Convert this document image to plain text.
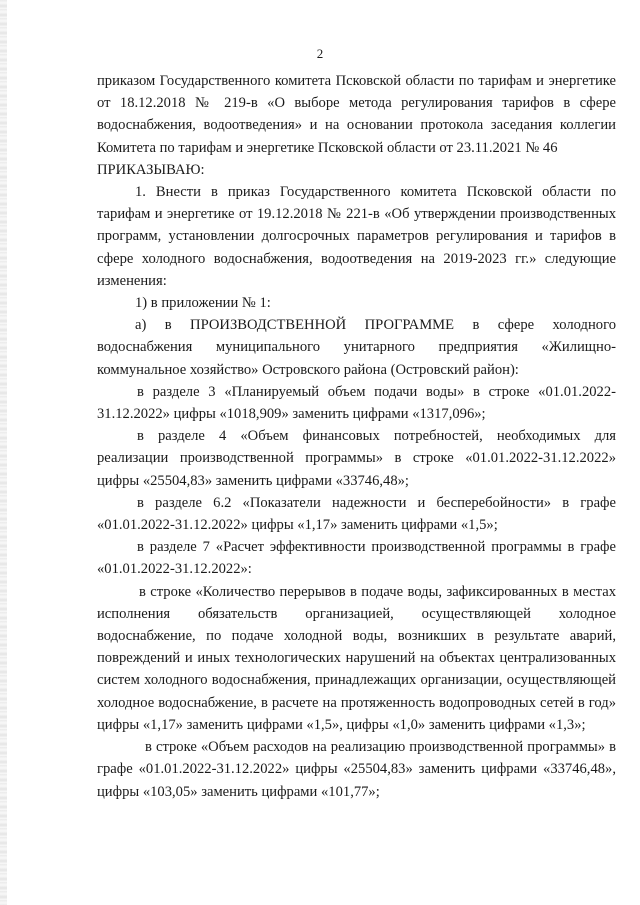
2

приказом Государственного комитета Псковской области по тарифам и энергетике от 18.12.2018 № 219-в «О выборе метода регулирования тарифов в сфере водоснабжения, водоотведения» и на основании протокола заседания коллегии Комитета по тарифам и энергетике Псковской области от 23.11.2021 № 46

ПРИКАЗЫВАЮ:

1. Внести в приказ Государственного комитета Псковской области по тарифам и энергетике от 19.12.2018 № 221-в «Об утверждении производственных программ, установлении долгосрочных параметров регулирования и тарифов в сфере холодного водоснабжения, водоотведения на 2019-2023 гг.» следующие изменения:

1) в приложении № 1:

а) в ПРОИЗВОДСТВЕННОЙ ПРОГРАММЕ в сфере холодного водоснабжения муниципального унитарного предприятия «Жилищно-коммунальное хозяйство» Островского района (Островский район):

в разделе 3 «Планируемый объем подачи воды» в строке «01.01.2022-31.12.2022» цифры «1018,909» заменить цифрами «1317,096»;

в разделе 4 «Объем финансовых потребностей, необходимых для реализации производственной программы» в строке «01.01.2022-31.12.2022» цифры «25504,83» заменить цифрами «33746,48»;

в разделе 6.2 «Показатели надежности и бесперебойности» в графе «01.01.2022-31.12.2022» цифры «1,17» заменить цифрами «1,5»;

в разделе 7 «Расчет эффективности производственной программы в графе «01.01.2022-31.12.2022»:

в строке «Количество перерывов в подаче воды, зафиксированных в местах исполнения обязательств организацией, осуществляющей холодное водоснабжение, по подаче холодной воды, возникших в результате аварий, повреждений и иных технологических нарушений на объектах централизованных систем холодного водоснабжения, принадлежащих организации, осуществляющей холодное водоснабжение, в расчете на протяженность водопроводных сетей в год» цифры «1,17» заменить цифрами «1,5», цифры «1,0» заменить цифрами «1,3»;

в строке «Объем расходов на реализацию производственной программы» в графе «01.01.2022-31.12.2022» цифры «25504,83» заменить цифрами «33746,48», цифры «103,05» заменить цифрами «101,77»;
